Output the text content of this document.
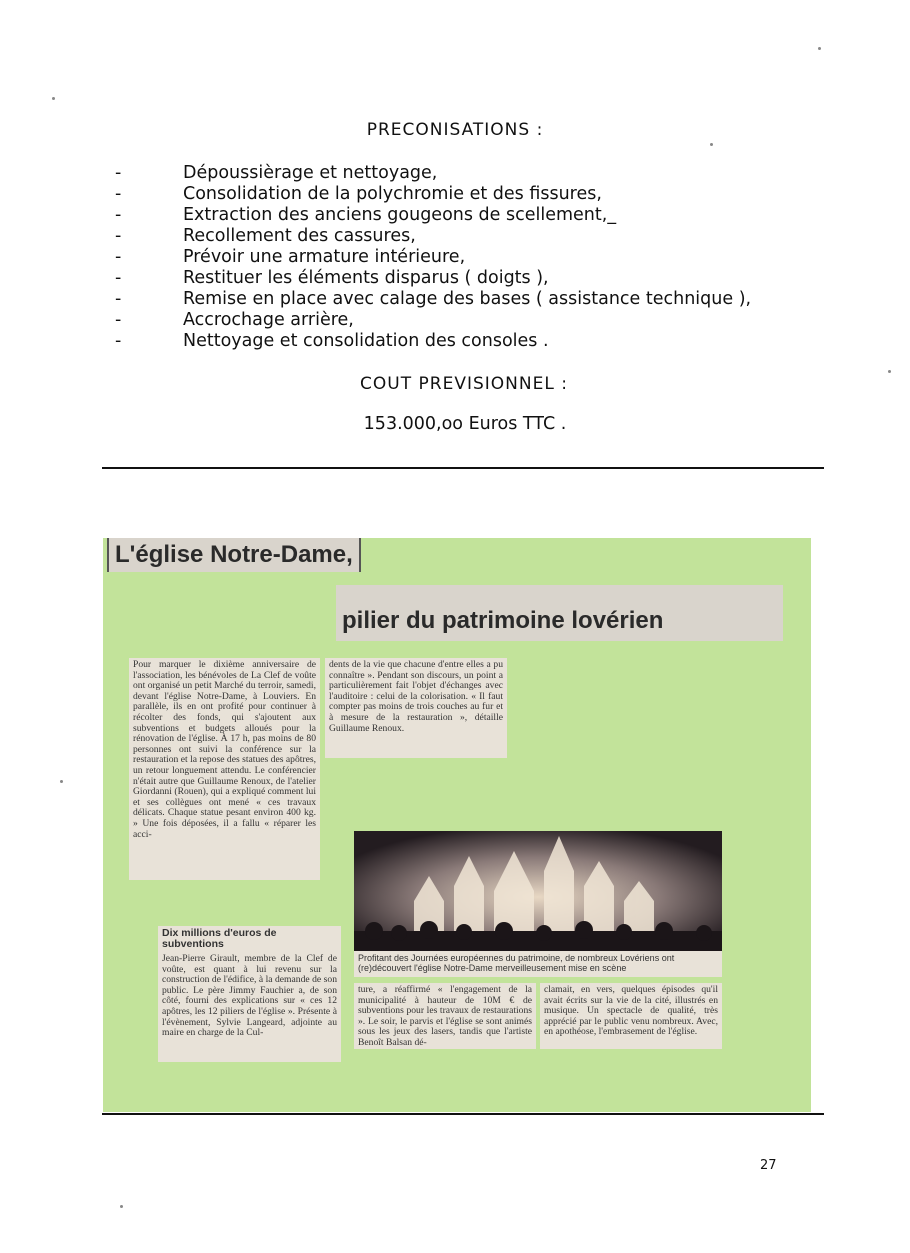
PRECONISATIONS :
-	Dépoussièrage et nettoyage,
-	Consolidation de la polychromie et des fissures,
-	Extraction des anciens gougeons de scellement,_
-	Recollement des cassures,
-	Prévoir une armature intérieure,
-	Restituer les éléments disparus ( doigts ),
-	Remise en place avec calage des bases ( assistance technique ),
-	Accrochage arrière,
-	Nettoyage et consolidation des consoles .
COUT PREVISIONNEL :
153.000,oo Euros TTC .
L'église Notre-Dame,
pilier du patrimoine lovérien

Pour marquer le dixième anniversaire de l'association, les bénévoles de La Clef de voûte ont organisé un petit Marché du terroir, samedi, devant l'église Notre-Dame, à Louviers. En parallèle, ils en ont profité pour continuer à récolter des fonds, qui s'ajoutent aux subventions et budgets alloués pour la rénovation de l'église. À 17 h, pas moins de 80 personnes ont suivi la conférence sur la restauration et la repose des statues des apôtres, un retour longuement attendu. Le conférencier n'était autre que Guillaume Renoux, de l'atelier Giordanni (Rouen), qui a expliqué comment lui et ses collègues ont mené « ces travaux délicats. Chaque statue pesant environ 400 kg. » Une fois déposées, il a fallu « réparer les acci-

dents de la vie que chacune d'entre elles a pu connaître ». Pendant son discours, un point a particulièrement fait l'objet d'échanges avec l'auditoire : celui de la colorisation. « Il faut compter pas moins de trois couches au fur et à mesure de la restauration », détaille Guillaume Renoux.

Dix millions d'euros de subventions

Jean-Pierre Girault, membre de la Clef de voûte, est quant à lui revenu sur la construction de l'édifice, à la demande de son public. Le père Jimmy Fauchier a, de son côté, fourni des explications sur « ces 12 apôtres, les 12 piliers de l'église ». Présente à l'évènement, Sylvie Langeard, adjointe au maire en charge de la Cul-

Profitant des Journées européennes du patrimoine, de nombreux Lovériens ont (re)découvert l'église Notre-Dame merveilleusement mise en scène

ture, a réaffirmé « l'engagement de la municipalité à hauteur de 10M € de subventions pour les travaux de restaurations ». Le soir, le parvis et l'église se sont animés sous les jeux des lasers, tandis que l'artiste Benoît Balsan dé-

clamait, en vers, quelques épisodes qu'il avait écrits sur la vie de la cité, illustrés en musique. Un spectacle de qualité, très apprécié par le public venu nombreux. Avec, en apothéose, l'embrasement de l'église.

27
